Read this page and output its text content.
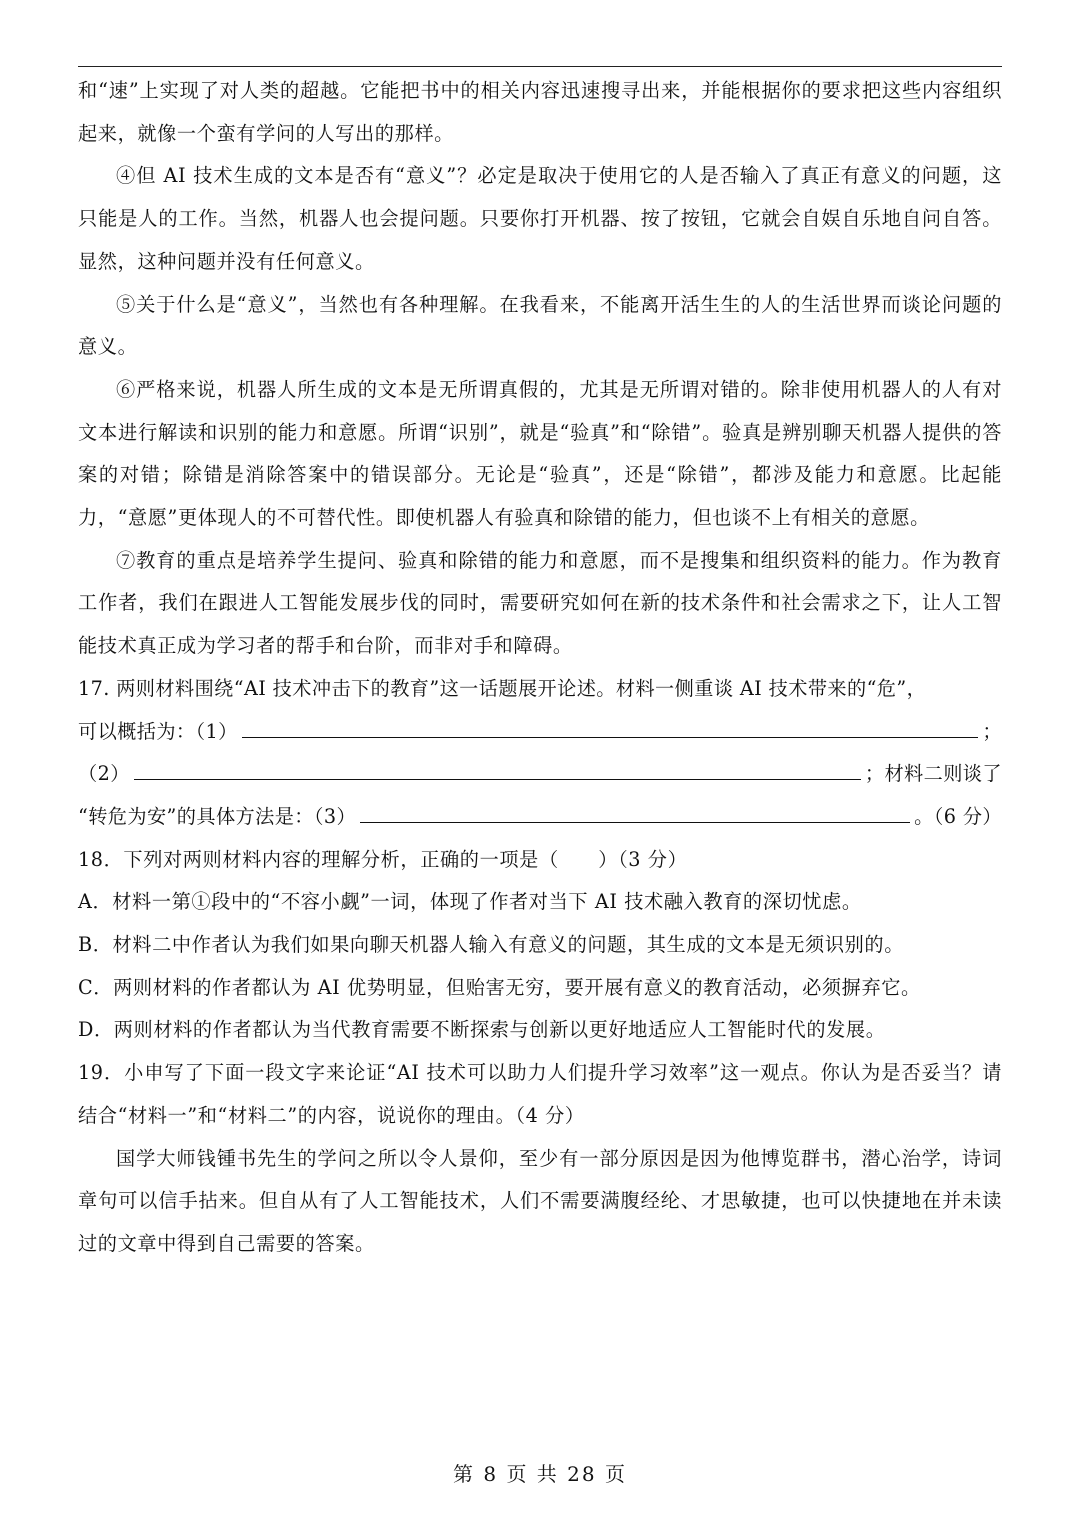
和“速”上实现了对人类的超越。它能把书中的相关内容迅速搜寻出来，并能根据你的要求把这些内容组织起来，就像一个蛮有学问的人写出的那样。

④但 AI 技术生成的文本是否有“意义”？必定是取决于使用它的人是否输入了真正有意义的问题，这只能是人的工作。当然，机器人也会提问题。只要你打开机器、按了按钮，它就会自娱自乐地自问自答。显然，这种问题并没有任何意义。

⑤关于什么是“意义”，当然也有各种理解。在我看来，不能离开活生生的人的生活世界而谈论问题的意义。

⑥严格来说，机器人所生成的文本是无所谓真假的，尤其是无所谓对错的。除非使用机器人的人有对文本进行解读和识别的能力和意愿。所谓“识别”，就是“验真”和“除错”。验真是辨别聊天机器人提供的答案的对错；除错是消除答案中的错误部分。无论是“验真”，还是“除错”，都涉及能力和意愿。比起能力，“意愿”更体现人的不可替代性。即使机器人有验真和除错的能力，但也谈不上有相关的意愿。

⑦教育的重点是培养学生提问、验真和除错的能力和意愿，而不是搜集和组织资料的能力。作为教育工作者，我们在跟进人工智能发展步伐的同时，需要研究如何在新的技术条件和社会需求之下，让人工智能技术真正成为学习者的帮手和台阶，而非对手和障碍。

17. 两则材料围绕“AI 技术冲击下的教育”这一话题展开论述。材料一侧重谈 AI 技术带来的“危”，
可以概括为：（1）	；
（2）	；材料二则谈了
“转危为安”的具体方法是：（3）	。（6 分）

18．下列对两则材料内容的理解分析，正确的一项是（　　）（3 分）

A．材料一第①段中的“不容小觑”一词，体现了作者对当下 AI 技术融入教育的深切忧虑。

B．材料二中作者认为我们如果向聊天机器人输入有意义的问题，其生成的文本是无须识别的。

C．两则材料的作者都认为 AI 优势明显，但贻害无穷，要开展有意义的教育活动，必须摒弃它。

D．两则材料的作者都认为当代教育需要不断探索与创新以更好地适应人工智能时代的发展。

19．小申写了下面一段文字来论证“AI 技术可以助力人们提升学习效率”这一观点。你认为是否妥当？请结合“材料一”和“材料二”的内容，说说你的理由。（4 分）

国学大师钱锺书先生的学问之所以令人景仰，至少有一部分原因是因为他博览群书，潜心治学，诗词章句可以信手拈来。但自从有了人工智能技术，人们不需要满腹经纶、才思敏捷，也可以快捷地在并未读过的文章中得到自己需要的答案。

第 8 页 共 28 页
